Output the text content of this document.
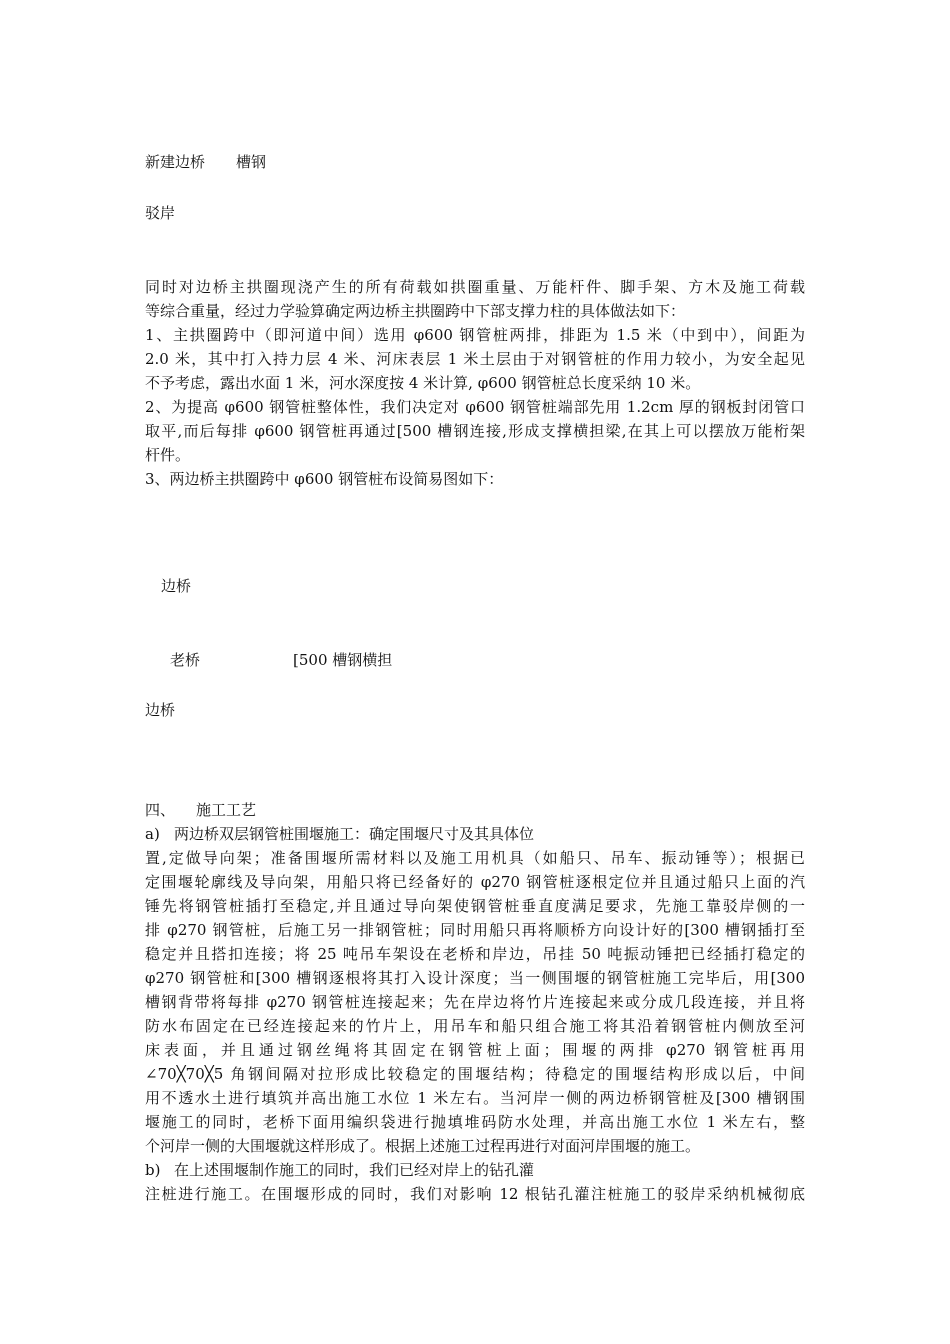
新建边桥 槽钢
驳岸
同时对边桥主拱圈现浇产生的所有荷载如拱圈重量、万能杆件、脚手架、方木及施工荷载
等综合重量，经过力学验算确定两边桥主拱圈跨中下部支撑力柱的具体做法如下：
1、主拱圈跨中（即河道中间）选用 φ600 钢管桩两排，排距为 1.5 米（中到中），间距为
2.0 米，其中打入持力层 4 米、河床表层 1 米土层由于对钢管桩的作用力较小，为安全起见
不予考虑，露出水面 1 米，河水深度按 4 米计算, φ600 钢管桩总长度采纳 10 米。
2、为提高 φ600 钢管桩整体性，我们决定对 φ600 钢管桩端部先用 1.2cm 厚的钢板封闭管口
取平,而后每排 φ600 钢管桩再通过[500 槽钢连接,形成支撑横担梁,在其上可以摆放万能桁架
杆件。
3、两边桥主拱圈跨中 φ600 钢管桩布设简易图如下：
边桥
老桥	[500 槽钢横担
边桥
四、 施工工艺
a) 两边桥双层钢管桩围堰施工：确定围堰尺寸及其具体位
置,定做导向架；准备围堰所需材料以及施工用机具（如船只、吊车、振动锤等）；根据已
定围堰轮廓线及导向架，用船只将已经备好的 φ270 钢管桩逐根定位并且通过船只上面的汽
锤先将钢管桩插打至稳定,并且通过导向架使钢管桩垂直度满足要求，先施工靠驳岸侧的一
排 φ270 钢管桩，后施工另一排钢管桩；同时用船只再将顺桥方向设计好的[300 槽钢插打至
稳定并且搭扣连接；将 25 吨吊车架设在老桥和岸边，吊挂 50 吨振动锤把已经插打稳定的
φ270 钢管桩和[300 槽钢逐根将其打入设计深度；当一侧围堰的钢管桩施工完毕后，用[300
槽钢背带将每排 φ270 钢管桩连接起来；先在岸边将竹片连接起来或分成几段连接，并且将
防水布固定在已经连接起来的竹片上，用吊车和船只组合施工将其沿着钢管桩内侧放至河
床表面，并且通过钢丝绳将其固定在钢管桩上面；围堰的两排 φ270 钢管桩再用
∠70╳70╳5 角钢间隔对拉形成比较稳定的围堰结构；待稳定的围堰结构形成以后，中间
用不透水土进行填筑并高出施工水位 1 米左右。当河岸一侧的两边桥钢管桩及[300 槽钢围
堰施工的同时，老桥下面用编织袋进行抛填堆码防水处理，并高出施工水位 1 米左右，整
个河岸一侧的大围堰就这样形成了。根据上述施工过程再进行对面河岸围堰的施工。
b) 在上述围堰制作施工的同时，我们已经对岸上的钻孔灌
注桩进行施工。在围堰形成的同时，我们对影响 12 根钻孔灌注桩施工的驳岸采纳机械彻底
